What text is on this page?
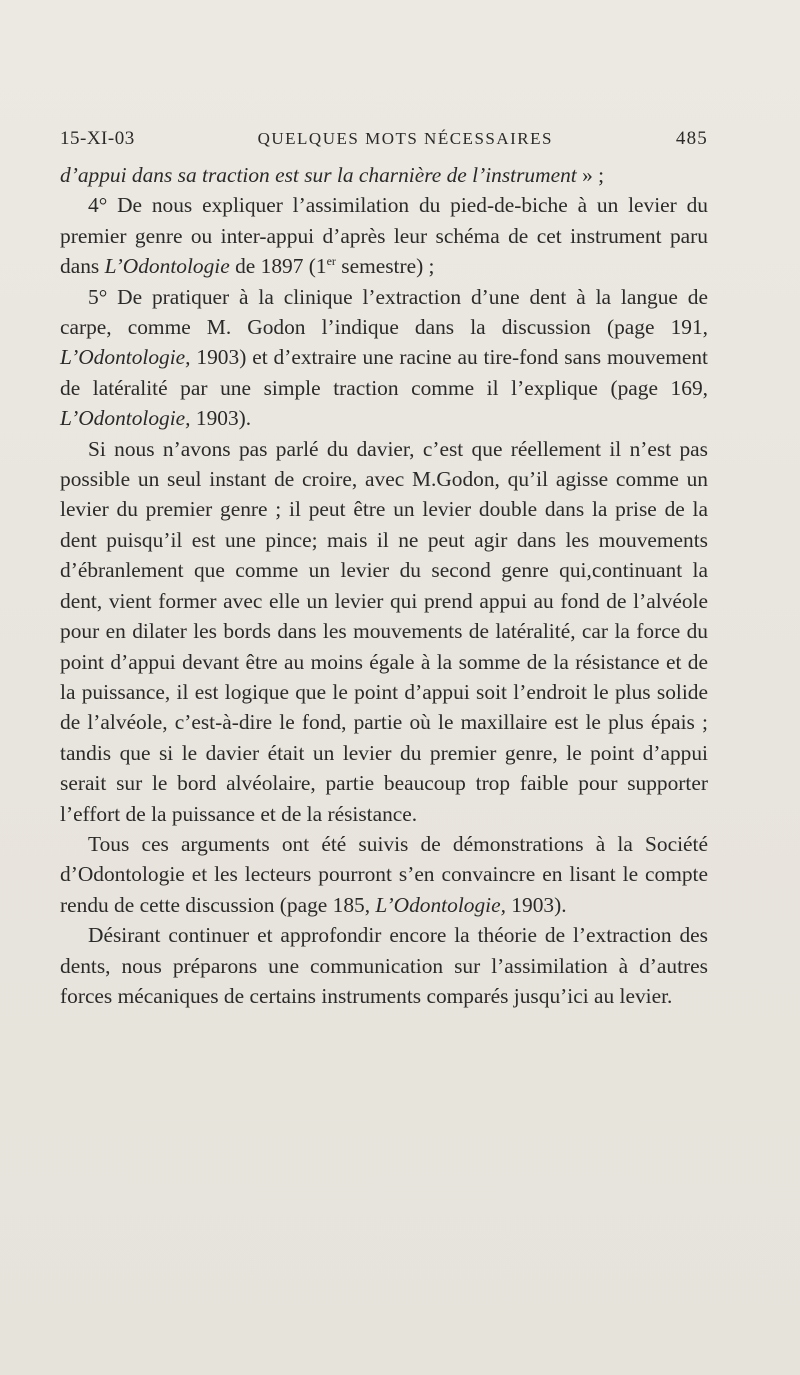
15-XI-03	QUELQUES MOTS NÉCESSAIRES	485

d’appui dans sa traction est sur la charnière de l’instrument » ;

4° De nous expliquer l’assimilation du pied-de-biche à un levier du premier genre ou inter-appui d’après leur schéma de cet instrument paru dans L’Odontologie de 1897 (1er semestre) ;

5° De pratiquer à la clinique l’extraction d’une dent à la langue de carpe, comme M. Godon l’indique dans la discussion (page 191, L’Odontologie, 1903) et d’extraire une racine au tire-fond sans mouvement de latéralité par une simple traction comme il l’explique (page 169, L’Odontologie, 1903).

Si nous n’avons pas parlé du davier, c’est que réellement il n’est pas possible un seul instant de croire, avec M.Godon, qu’il agisse comme un levier du premier genre ; il peut être un levier double dans la prise de la dent puisqu’il est une pince; mais il ne peut agir dans les mouvements d’ébranlement que comme un levier du second genre qui,continuant la dent, vient former avec elle un levier qui prend appui au fond de l’alvéole pour en dilater les bords dans les mouvements de latéralité, car la force du point d’appui devant être au moins égale à la somme de la résistance et de la puissance, il est logique que le point d’appui soit l’endroit le plus solide de l’alvéole, c’est-à-dire le fond, partie où le maxillaire est le plus épais ; tandis que si le davier était un levier du premier genre, le point d’appui serait sur le bord alvéolaire, partie beaucoup trop faible pour supporter l’effort de la puissance et de la résistance.

Tous ces arguments ont été suivis de démonstrations à la Société d’Odontologie et les lecteurs pourront s’en convaincre en lisant le compte rendu de cette discussion (page 185, L’Odontologie, 1903).

Désirant continuer et approfondir encore la théorie de l’extraction des dents, nous préparons une communication sur l’assimilation à d’autres forces mécaniques de certains instruments comparés jusqu’ici au levier.
